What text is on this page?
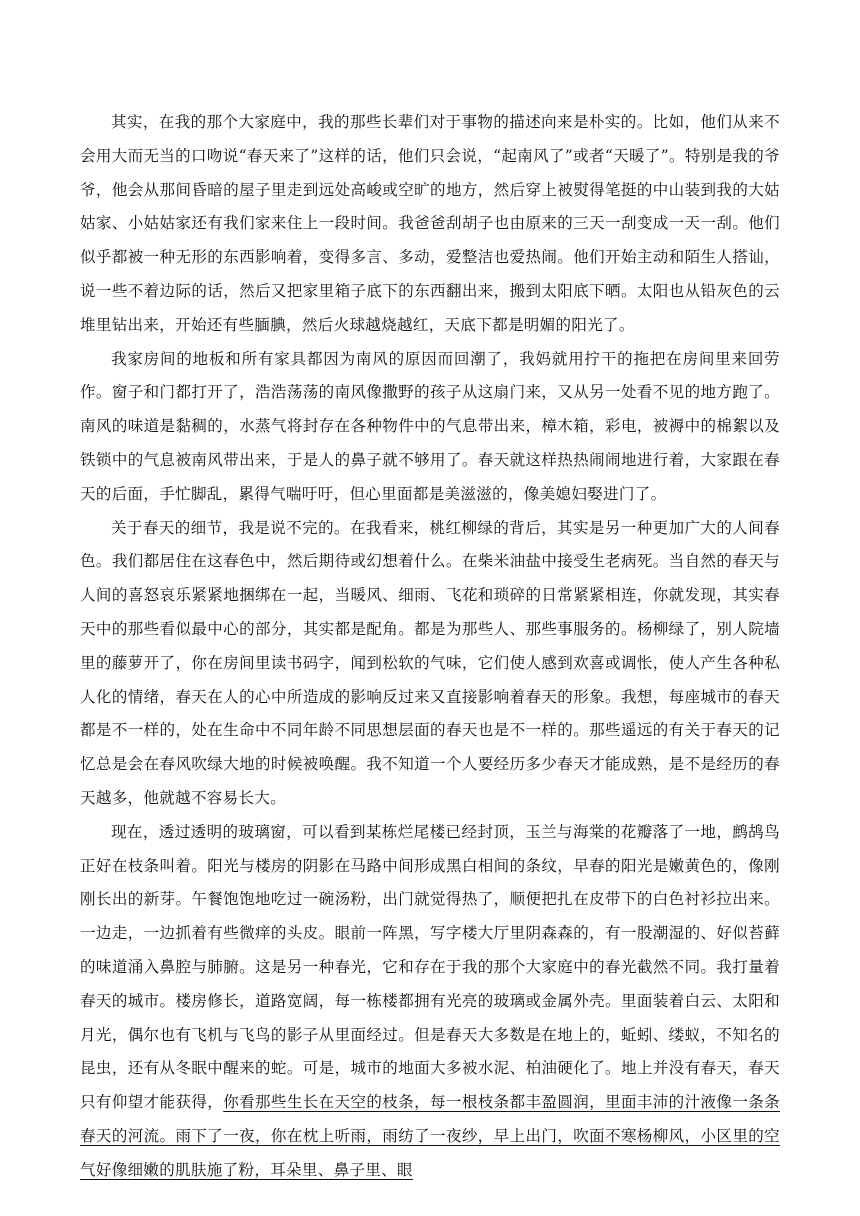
其实，在我的那个大家庭中，我的那些长辈们对于事物的描述向来是朴实的。比如，他们从来不会用大而无当的口吻说“春天来了”这样的话，他们只会说，“起南风了”或者“天暖了”。特别是我的爷爷，他会从那间昏暗的屋子里走到远处高峻或空旷的地方，然后穿上被熨得笔挺的中山装到我的大姑姑家、小姑姑家还有我们家来住上一段时间。我爸爸刮胡子也由原来的三天一刮变成一天一刮。他们似乎都被一种无形的东西影响着，变得多言、多动，爱整洁也爱热闹。他们开始主动和陌生人搭讪，说一些不着边际的话，然后又把家里箱子底下的东西翻出来，搬到太阳底下晒。太阳也从铅灰色的云堆里钻出来，开始还有些腼腆，然后火球越烧越红，天底下都是明媚的阳光了。

我家房间的地板和所有家具都因为南风的原因而回潮了，我妈就用拧干的拖把在房间里来回劳作。窗子和门都打开了，浩浩荡荡的南风像撒野的孩子从这扇门来，又从另一处看不见的地方跑了。南风的味道是黏稠的，水蒸气将封存在各种物件中的气息带出来，樟木箱，彩电，被褥中的棉絮以及铁锁中的气息被南风带出来，于是人的鼻子就不够用了。春天就这样热热闹闹地进行着，大家跟在春天的后面，手忙脚乱，累得气喘吁吁，但心里面都是美滋滋的，像美媳妇娶进门了。

关于春天的细节，我是说不完的。在我看来，桃红柳绿的背后，其实是另一种更加广大的人间春色。我们都居住在这春色中，然后期待或幻想着什么。在柴米油盐中接受生老病死。当自然的春天与人间的喜怒哀乐紧紧地捆绑在一起，当暖风、细雨、飞花和琐碎的日常紧紧相连，你就发现，其实春天中的那些看似最中心的部分，其实都是配角。都是为那些人、那些事服务的。杨柳绿了，别人院墙里的藤萝开了，你在房间里读书码字，闻到松软的气味，它们使人感到欢喜或调怅，使人产生各种私人化的情绪，春天在人的心中所造成的影响反过来又直接影响着春天的形象。我想，每座城市的春天都是不一样的，处在生命中不同年龄不同思想层面的春天也是不一样的。那些遥远的有关于春天的记忆总是会在春风吹绿大地的时候被唤醒。我不知道一个人要经历多少春天才能成熟，是不是经历的春天越多，他就越不容易长大。

现在，透过透明的玻璃窗，可以看到某栋烂尾楼已经封顶，玉兰与海棠的花瓣落了一地，鹧鸪鸟正好在枝条叫着。阳光与楼房的阴影在马路中间形成黑白相间的条纹，早春的阳光是嫩黄色的，像刚刚长出的新芽。午餐饱饱地吃过一碗汤粉，出门就觉得热了，顺便把扎在皮带下的白色衬衫拉出来。一边走，一边抓着有些微痒的头皮。眼前一阵黑，写字楼大厅里阴森森的，有一股潮湿的、好似苔藓的味道涌入鼻腔与肺腑。这是另一种春光，它和存在于我的那个大家庭中的春光截然不同。我打量着春天的城市。楼房修长，道路宽阔，每一栋楼都拥有光亮的玻璃或金属外壳。里面装着白云、太阳和月光，偶尔也有飞机与飞鸟的影子从里面经过。但是春天大多数是在地上的，蚯蚓、缕蚁，不知名的昆虫，还有从冬眠中醒来的蛇。可是，城市的地面大多被水泥、柏油硬化了。地上并没有春天，春天只有仰望才能获得，你看那些生长在天空的枝条，每一根枝条都丰盈圆润，里面丰沛的汁液像一条条春天的河流。雨下了一夜，你在枕上听雨，雨纺了一夜纱，早上出门，吹面不寒杨柳风，小区里的空气好像细嫩的肌肤施了粉，耳朵里、鼻子里、眼
